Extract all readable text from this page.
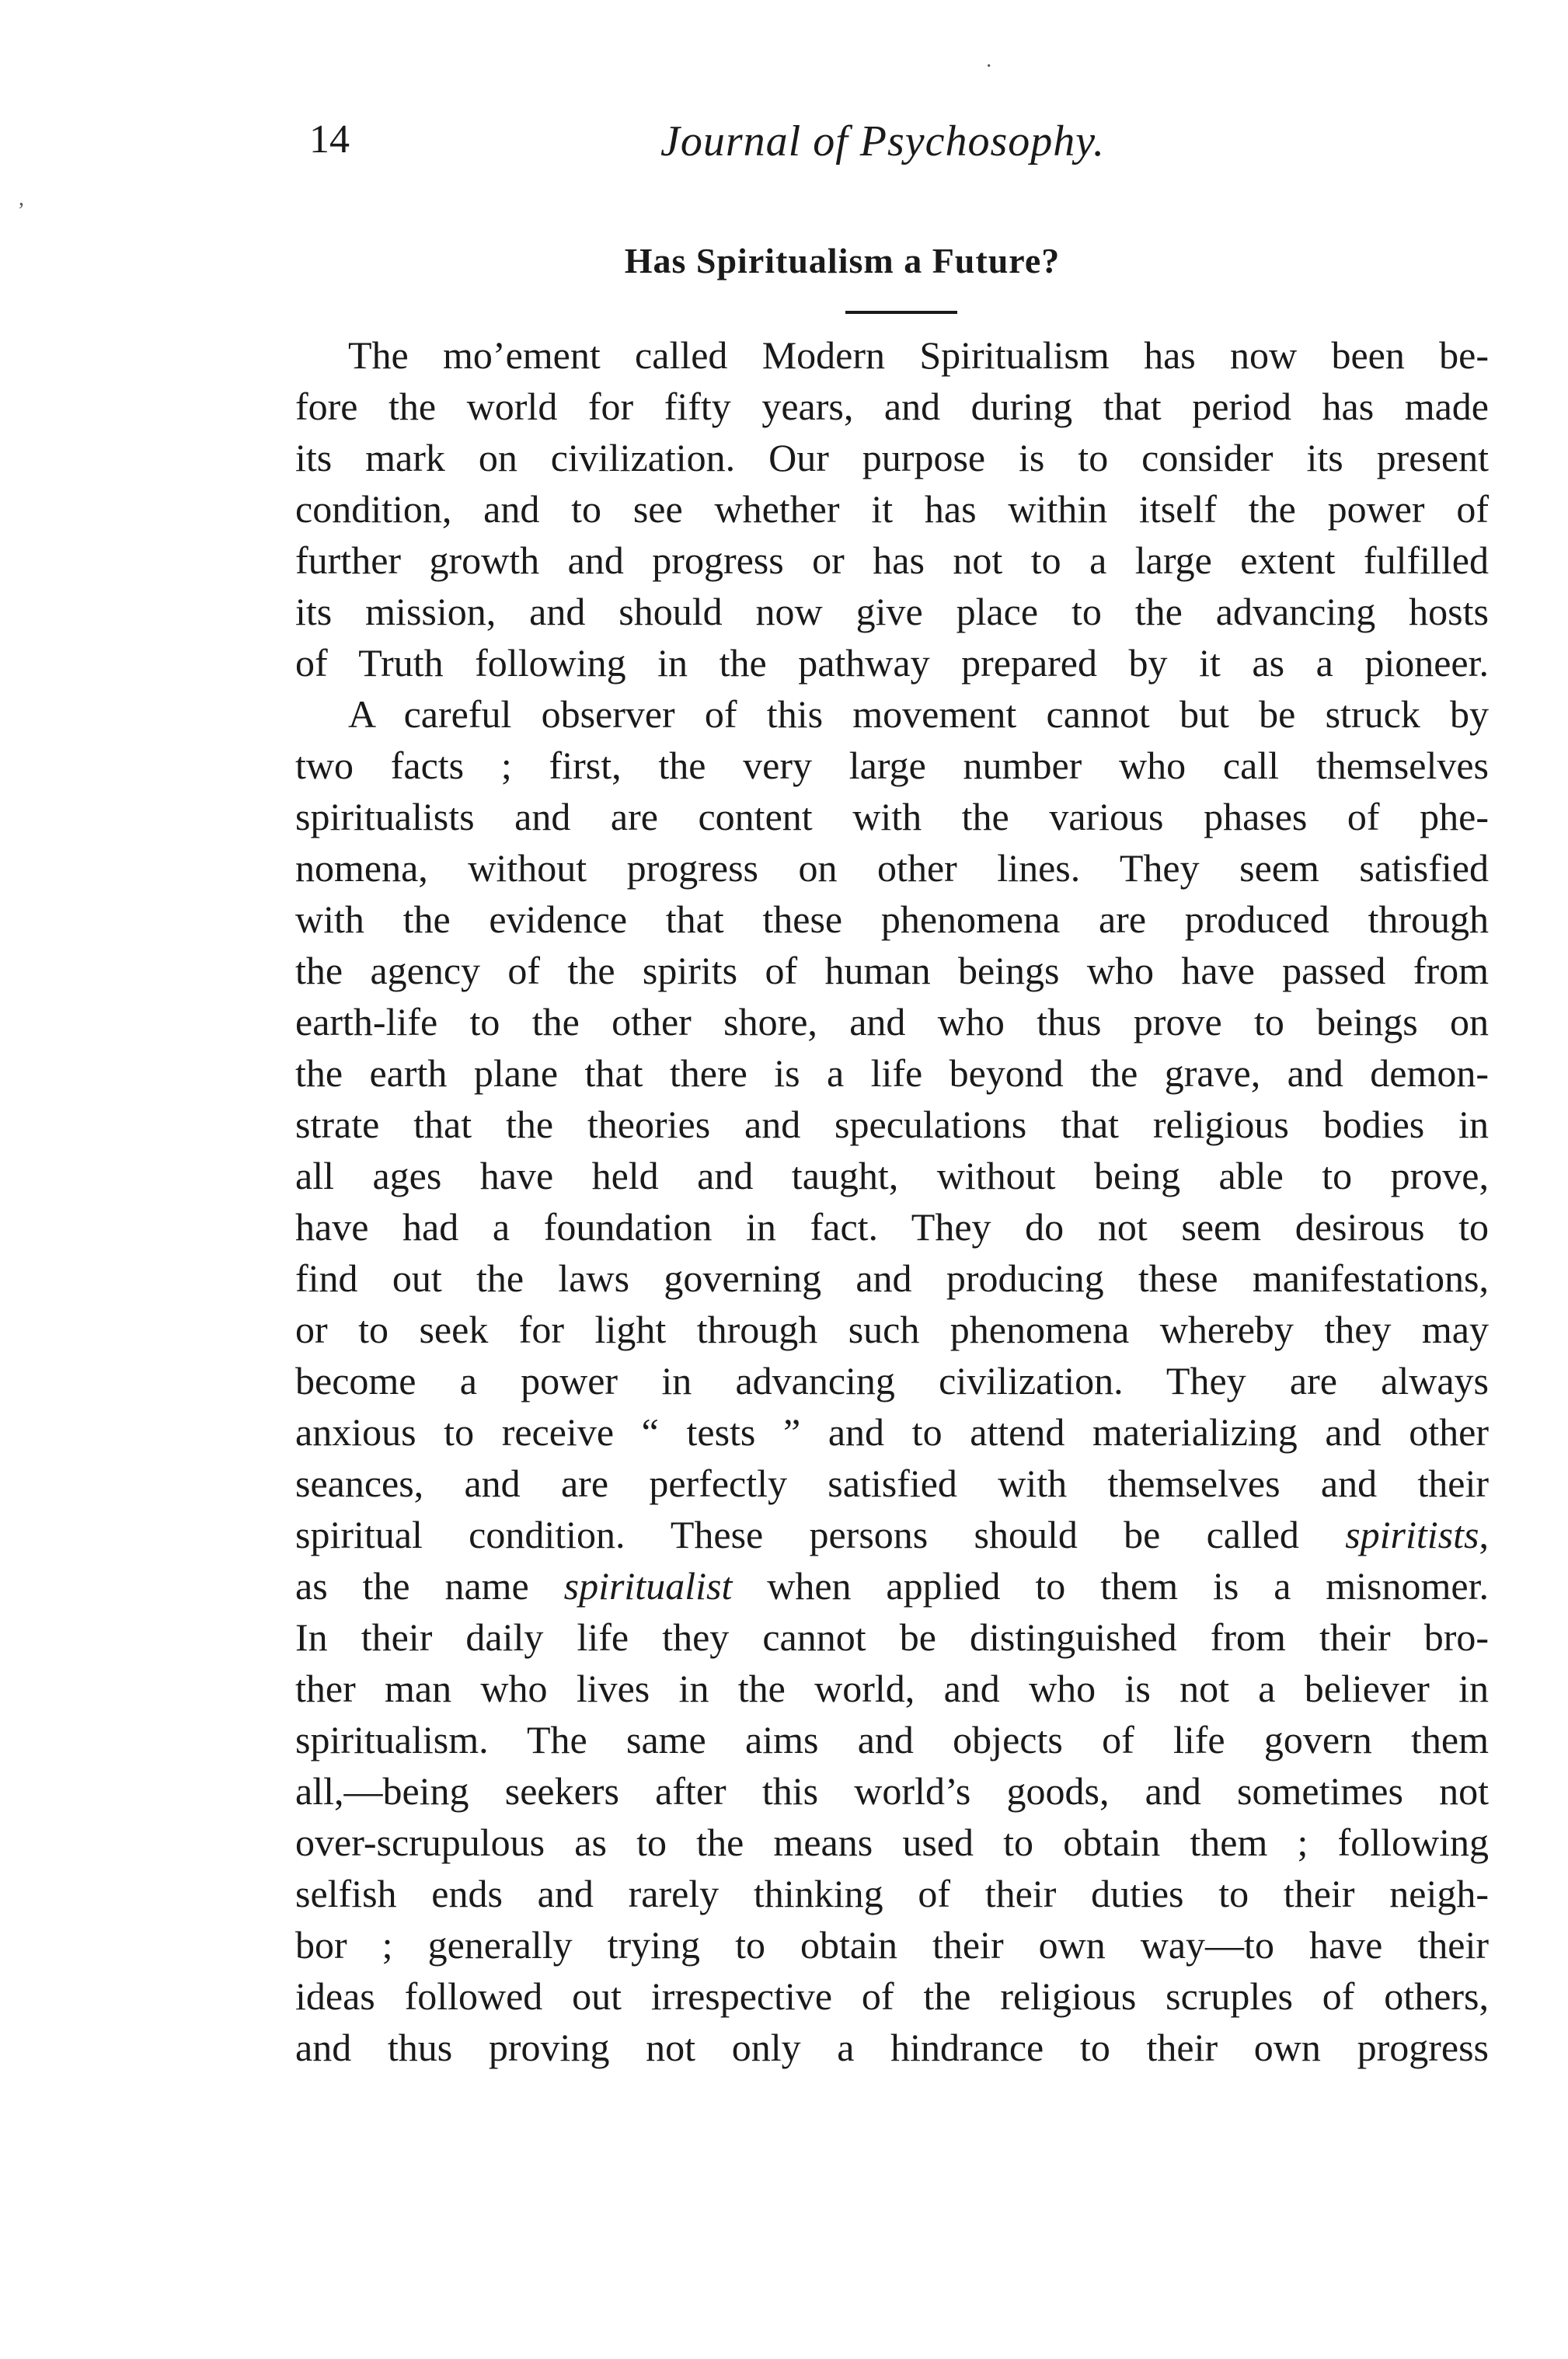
14	Journal of Psychosophy.
Has Spiritualism a Future?
The mo’ement called Modern Spiritualism has now been be-
fore the world for fifty years, and during that period has made
its mark on civilization. Our purpose is to consider its present
condition, and to see whether it has within itself the power of
further growth and progress or has not to a large extent fulfilled
its mission, and should now give place to the advancing hosts
of Truth following in the pathway prepared by it as a pioneer.
A careful observer of this movement cannot but be struck by
two facts ; first, the very large number who call themselves
spiritualists and are content with the various phases of phe-
nomena, without progress on other lines. They seem satisfied
with the evidence that these phenomena are produced through
the agency of the spirits of human beings who have passed from
earth-life to the other shore, and who thus prove to beings on
the earth plane that there is a life beyond the grave, and demon-
strate that the theories and speculations that religious bodies in
all ages have held and taught, without being able to prove,
have had a foundation in fact. They do not seem desirous to
find out the laws governing and producing these manifestations,
or to seek for light through such phenomena whereby they may
become a power in advancing civilization. They are always
anxious to receive “ tests ” and to attend materializing and other
seances, and are perfectly satisfied with themselves and their
spiritual condition. These persons should be called spiritists,
as the name spiritualist when applied to them is a misnomer.
In their daily life they cannot be distinguished from their bro-
ther man who lives in the world, and who is not a believer in
spiritualism. The same aims and objects of life govern them
all,—being seekers after this world’s goods, and sometimes not
over-scrupulous as to the means used to obtain them ; following
selfish ends and rarely thinking of their duties to their neigh-
bor ; generally trying to obtain their own way—to have their
ideas followed out irrespective of the religious scruples of others,
and thus proving not only a hindrance to their own progress
·
,
